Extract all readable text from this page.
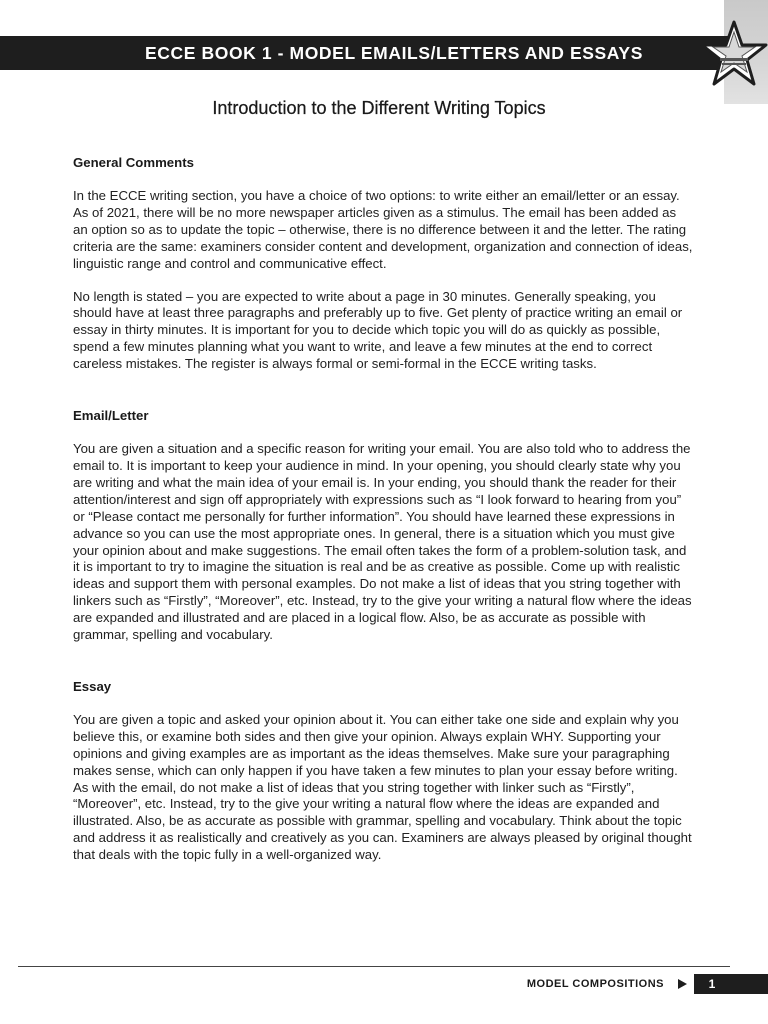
ECCE BOOK 1 - MODEL EMAILS/LETTERS AND ESSAYS
Introduction to the Different Writing Topics
General Comments

In the ECCE writing section, you have a choice of two options: to write either an email/letter or an essay. As of 2021, there will be no more newspaper articles given as a stimulus. The email has been added as an option so as to update the topic – otherwise, there is no difference between it and the letter. The rating criteria are the same: examiners consider content and development, organization and connection of ideas, linguistic range and control and communicative effect.

No length is stated – you are expected to write about a page in 30 minutes. Generally speaking, you should have at least three paragraphs and preferably up to five. Get plenty of practice writing an email or essay in thirty minutes. It is important for you to decide which topic you will do as quickly as possible, spend a few minutes planning what you want to write, and leave a few minutes at the end to correct careless mistakes. The register is always formal or semi-formal in the ECCE writing tasks.

Email/Letter

You are given a situation and a specific reason for writing your email. You are also told who to address the email to. It is important to keep your audience in mind. In your opening, you should clearly state why you are writing and what the main idea of your email is. In your ending, you should thank the reader for their attention/interest and sign off appropriately with expressions such as “I look forward to hearing from you” or “Please contact me personally for further information”. You should have learned these expressions in advance so you can use the most appropriate ones. In general, there is a situation which you must give your opinion about and make suggestions. The email often takes the form of a problem-solution task, and it is important to try to imagine the situation is real and be as creative as possible. Come up with realistic ideas and support them with personal examples. Do not make a list of ideas that you string together with linkers such as “Firstly”, “Moreover”, etc. Instead, try to the give your writing a natural flow where the ideas are expanded and illustrated and are placed in a logical flow. Also, be as accurate as possible with grammar, spelling and vocabulary.

Essay

You are given a topic and asked your opinion about it. You can either take one side and explain why you believe this, or examine both sides and then give your opinion. Always explain WHY. Supporting your opinions and giving examples are as important as the ideas themselves. Make sure your paragraphing makes sense, which can only happen if you have taken a few minutes to plan your essay before writing. As with the email, do not make a list of ideas that you string together with linker such as “Firstly”, “Moreover”, etc. Instead, try to the give your writing a natural flow where the ideas are expanded and illustrated. Also, be as accurate as possible with grammar, spelling and vocabulary. Think about the topic and address it as realistically and creatively as you can. Examiners are always pleased by original thought that deals with the topic fully in a well-organized way.

MODEL COMPOSITIONS	1
